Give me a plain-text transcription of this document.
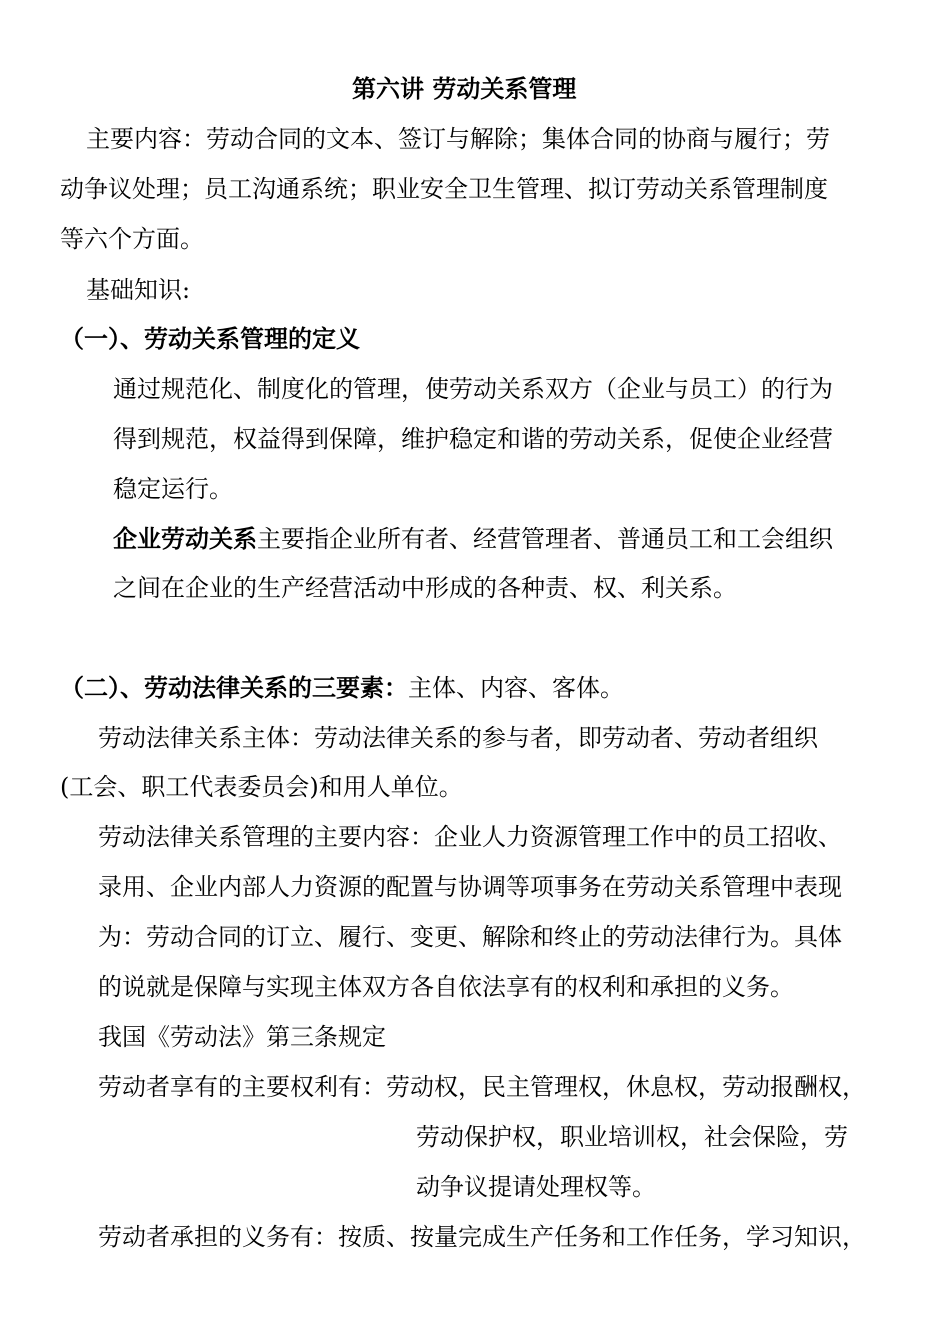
第六讲 劳动关系管理
主要内容：劳动合同的文本、签订与解除；集体合同的协商与履行；劳
动争议处理；员工沟通系统；职业安全卫生管理、拟订劳动关系管理制度
等六个方面。
基础知识:
（一）、劳动关系管理的定义
通过规范化、制度化的管理，使劳动关系双方（企业与员工）的行为
得到规范，权益得到保障，维护稳定和谐的劳动关系，促使企业经营
稳定运行。
企业劳动关系主要指企业所有者、经营管理者、普通员工和工会组织
之间在企业的生产经营活动中形成的各种责、权、利关系。
（二）、劳动法律关系的三要素：主体、内容、客体。
劳动法律关系主体：劳动法律关系的参与者，即劳动者、劳动者组织
(工会、职工代表委员会)和用人单位。
劳动法律关系管理的主要内容：企业人力资源管理工作中的员工招收、
录用、企业内部人力资源的配置与协调等项事务在劳动关系管理中表现
为：劳动合同的订立、履行、变更、解除和终止的劳动法律行为。具体
的说就是保障与实现主体双方各自依法享有的权利和承担的义务。
我国《劳动法》第三条规定
劳动者享有的主要权利有：劳动权，民主管理权，休息权，劳动报酬权，
劳动保护权，职业培训权，社会保险，劳
动争议提请处理权等。
劳动者承担的义务有：按质、按量完成生产任务和工作任务，学习知识，
